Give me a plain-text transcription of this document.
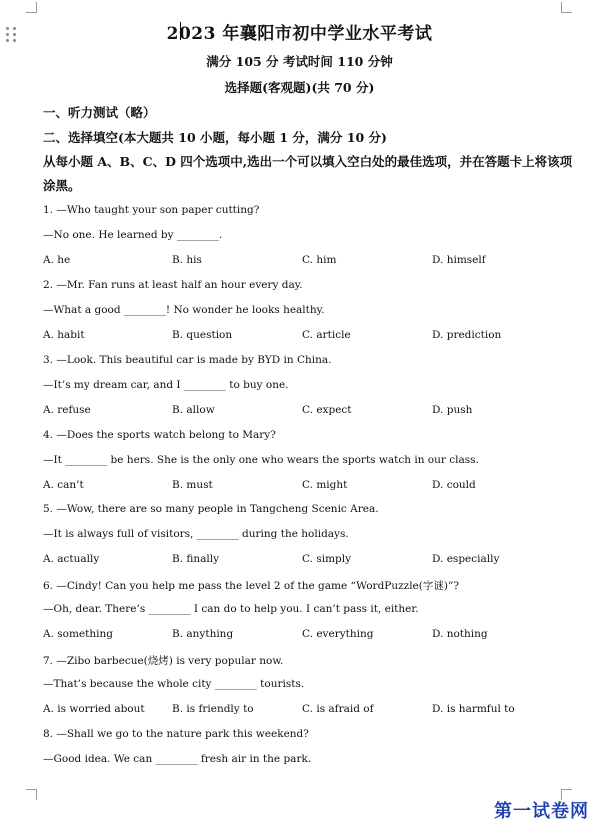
2023 年襄阳市初中学业水平考试
满分 105 分 考试时间 110 分钟
选择题(客观题)(共 70 分)
一、听力测试（略）
二、选择填空(本大题共 10 小题，每小题 1 分，满分 10 分)
从每小题 A、B、C、D 四个选项中,选出一个可以填入空白处的最佳选项，并在答题卡上将该项涂黑。
1. —Who taught your son paper cutting?
—No one. He learned by ________.
A. he	B. his	C. him	D. himself
2. —Mr. Fan runs at least half an hour every day.
—What a good ________! No wonder he looks healthy.
A. habit	B. question	C. article	D. prediction
3. —Look. This beautiful car is made by BYD in China.
—It’s my dream car, and I ________ to buy one.
A. refuse	B. allow	C. expect	D. push
4. —Does the sports watch belong to Mary?
—It ________ be hers. She is the only one who wears the sports watch in our class.
A. can’t	B. must	C. might	D. could
5. —Wow, there are so many people in Tangcheng Scenic Area.
—It is always full of visitors, ________ during the holidays.
A. actually	B. finally	C. simply	D. especially
6. —Cindy! Can you help me pass the level 2 of the game “WordPuzzle(字谜)”?
—Oh, dear. There’s ________ I can do to help you. I can’t pass it, either.
A. something	B. anything	C. everything	D. nothing
7. —Zibo barbecue(烧烤) is very popular now.
—That’s because the whole city ________ tourists.
A. is worried about	B. is friendly to	C. is afraid of	D. is harmful to
8. —Shall we go to the nature park this weekend?
—Good idea. We can ________ fresh air in the park.
第一试卷网
